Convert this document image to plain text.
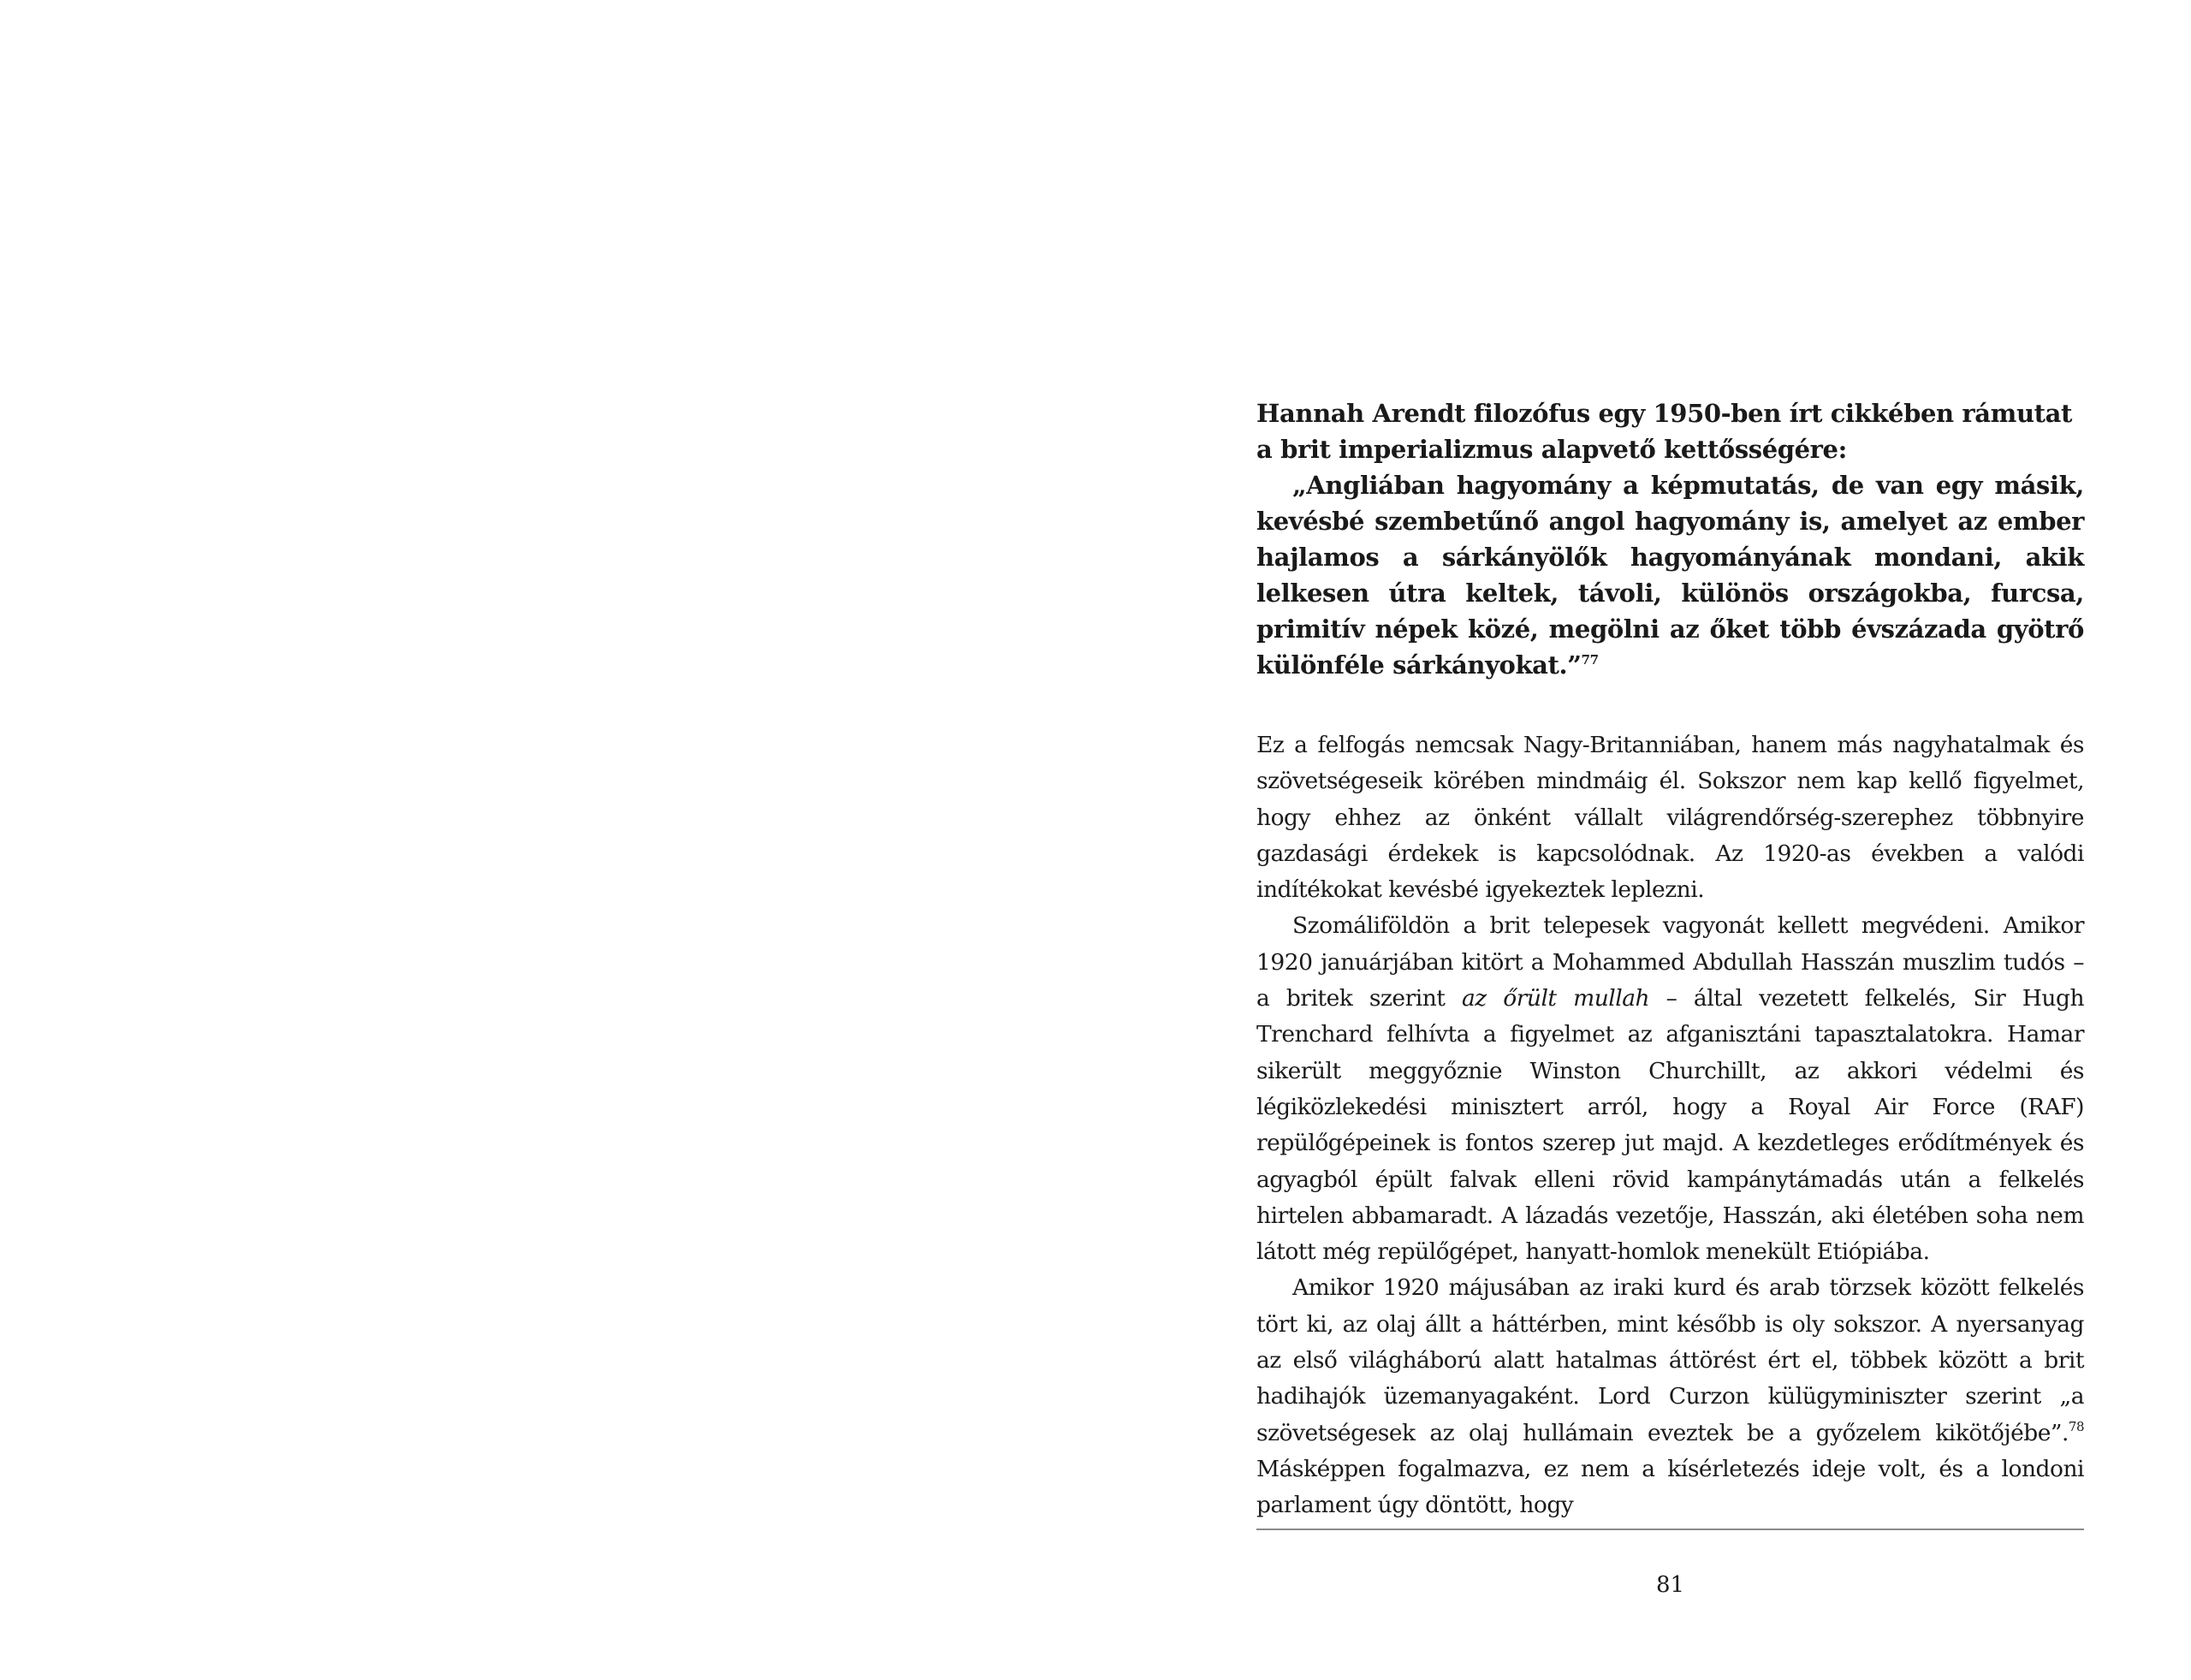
Hannah Arendt filozófus egy 1950-ben írt cikkében rámutat a brit imperializmus alapvető kettősségére:

„Angliában hagyomány a képmutatás, de van egy másik, kevésbé szembetűnő angol hagyomány is, amelyet az ember hajlamos a sárkányölők hagyományának mondani, akik lelkesen útra keltek, távoli, különös országokba, furcsa, primitív népek közé, megölni az őket több évszázada gyötrő különféle sárkányokat.”$^{77}$

Ez a felfogás nemcsak Nagy-Britanniában, hanem más nagyhatalmak és szövetségeseik körében mindmáig él. Sokszor nem kap kellő figyelmet, hogy ehhez az önként vállalt világrendőrség-szerephez többnyire gazdasági érdekek is kapcsolódnak. Az 1920-as években a valódi indítékokat kevésbé igyekeztek leplezni.

Szomáliföldön a brit telepesek vagyonát kellett megvédeni. Amikor 1920 januárjában kitört a Mohammed Abdullah Hasszán muszlim tudós – a britek szerint az őrült mullah – által vezetett felkelés, Sir Hugh Trenchard felhívta a figyelmet az afganisztáni tapasztalatokra. Hamar sikerült meggyőznie Winston Churchillt, az akkori védelmi és légiközlekedési minisztert arról, hogy a Royal Air Force (RAF) repülőgépeinek is fontos szerep jut majd. A kezdetleges erődítmények és agyagból épült falvak elleni rövid kampánytámadás után a felkelés hirtelen abbamaradt. A lázadás vezetője, Hasszán, aki életében soha nem látott még repülőgépet, hanyatt-homlok menekült Etiópiába.

Amikor 1920 májusában az iraki kurd és arab törzsek között felkelés tört ki, az olaj állt a háttérben, mint később is oly sokszor. A nyersanyag az első világháború alatt hatalmas áttörést ért el, többek között a brit hadihajók üzemanyagaként. Lord Curzon külügyminiszter szerint „a szövetségesek az olaj hullámain eveztek be a győzelem kikötőjébe”.$^{78}$ Másképpen fogalmazva, ez nem a kísérletezés ideje volt, és a londoni parlament úgy döntött, hogy

81
